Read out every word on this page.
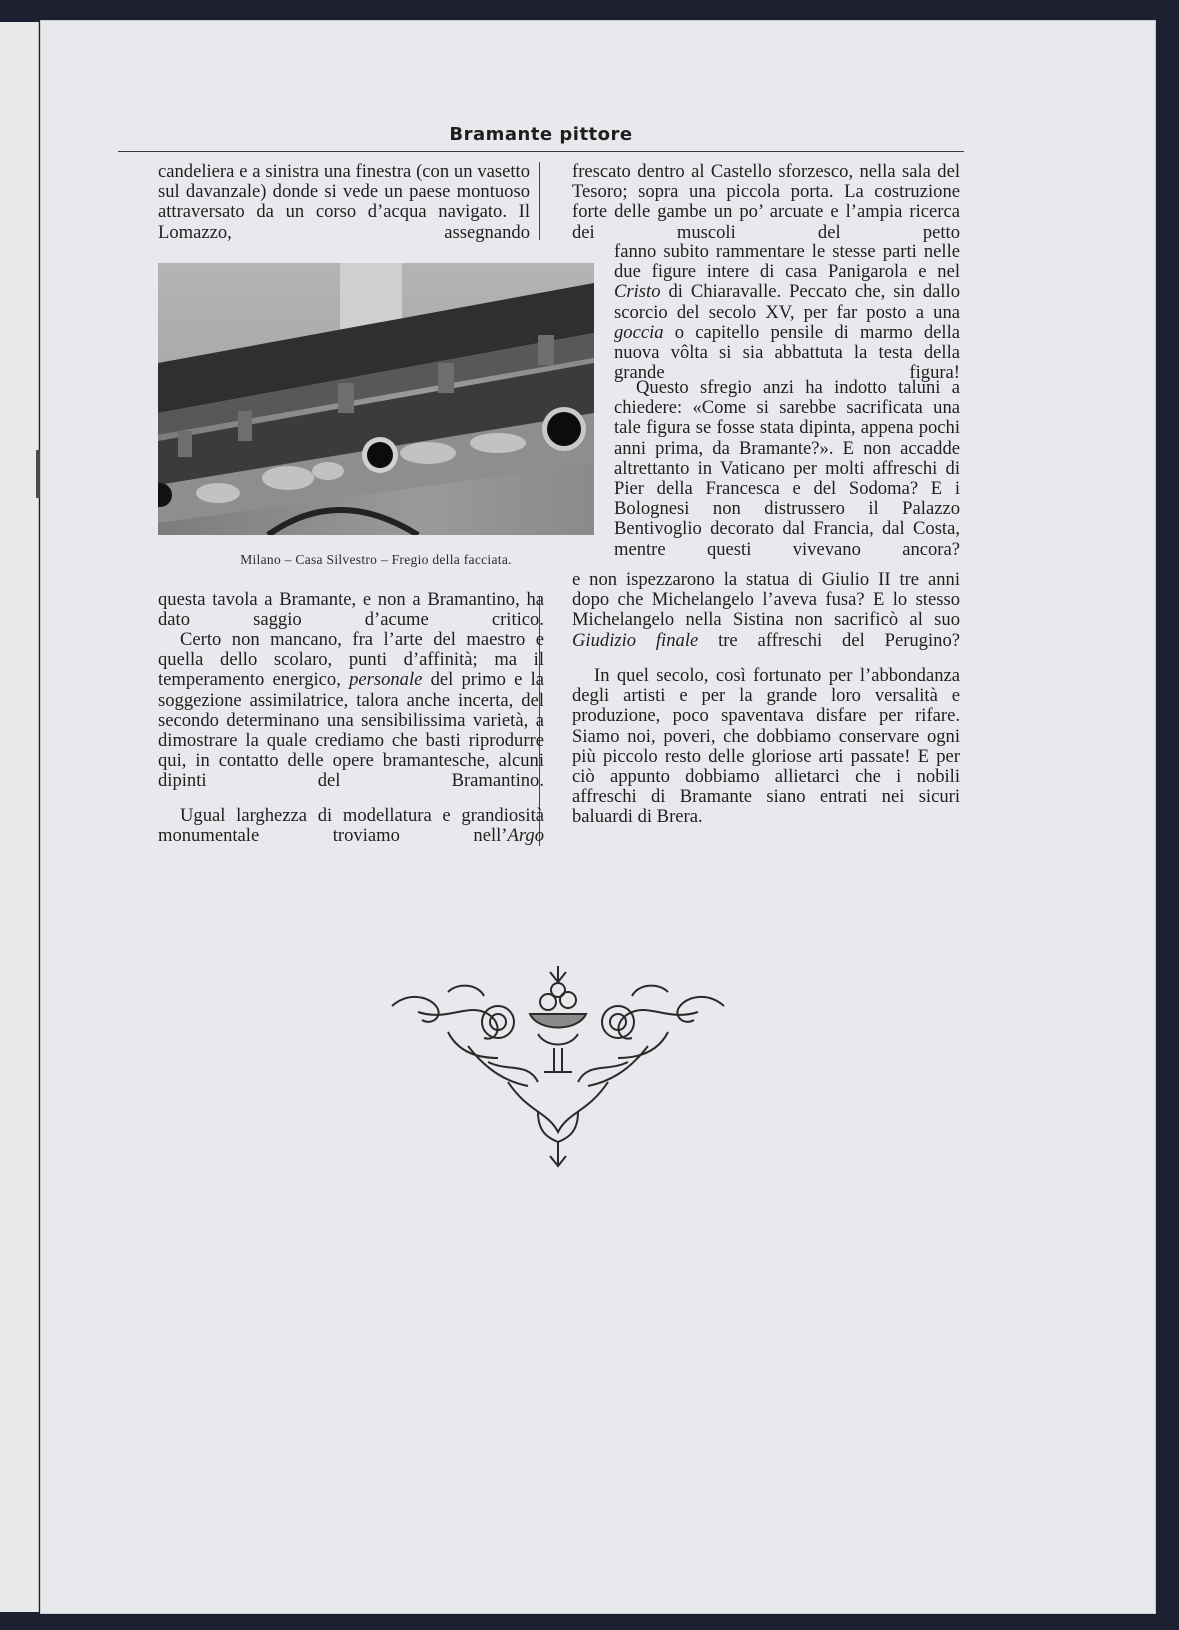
Bramante pittore

candeliera e a sinistra una finestra (con un vasetto sul davanzale) donde si vede un paese montuoso attraversato da un corso d’acqua navigato. Il Lomazzo, assegnando

Milano – Casa Silvestro – Fregio della facciata.

questa tavola a Bramante, e non a Bramantino, ha dato saggio d’acume critico.

Certo non mancano, fra l’arte del maestro e quella dello scolaro, punti d’affinità; ma il temperamento energico, personale del primo e la soggezione assimilatrice, talora anche incerta, del secondo determinano una sensibilissima varietà, a dimostrare la quale crediamo che basti riprodurre qui, in contatto delle opere bramantesche, alcuni dipinti del Bramantino.

Ugual larghezza di modellatura e grandiosità monumentale troviamo nell’Argo

frescato dentro al Castello sforzesco, nella sala del Tesoro; sopra una piccola porta. La costruzione forte delle gambe un po’ arcuate e l’ampia ricerca dei muscoli del petto

fanno subito rammentare le stesse parti nelle due figure intere di casa Panigarola e nel Cristo di Chiaravalle. Peccato che, sin dallo scorcio del secolo XV, per far posto a una goccia o capitello pensile di marmo della nuova vôlta si sia abbattuta la testa della grande figura!

Questo sfregio anzi ha indotto taluni a chiedere: «Come si sarebbe sacrificata una tale figura se fosse stata dipinta, appena pochi anni prima, da Bramante?». E non accadde altrettanto in Vaticano per molti affreschi di Pier della Francesca e del Sodoma? E i Bolognesi non distrussero il Palazzo Bentivoglio decorato dal Francia, dal Costa, mentre questi vivevano ancora?

e non ispezzarono la statua di Giulio II tre anni dopo che Michelangelo l’aveva fusa? E lo stesso Michelangelo nella Sistina non sacrificò al suo Giudizio finale tre affreschi del Perugino?

In quel secolo, così fortunato per l’abbondanza degli artisti e per la grande loro versalità e produzione, poco spaventava disfare per rifare. Siamo noi, poveri, che dobbiamo conservare ogni più piccolo resto delle gloriose arti passate! E per ciò appunto dobbiamo allietarci che i nobili affreschi di Bramante siano entrati nei sicuri baluardi di Brera.
